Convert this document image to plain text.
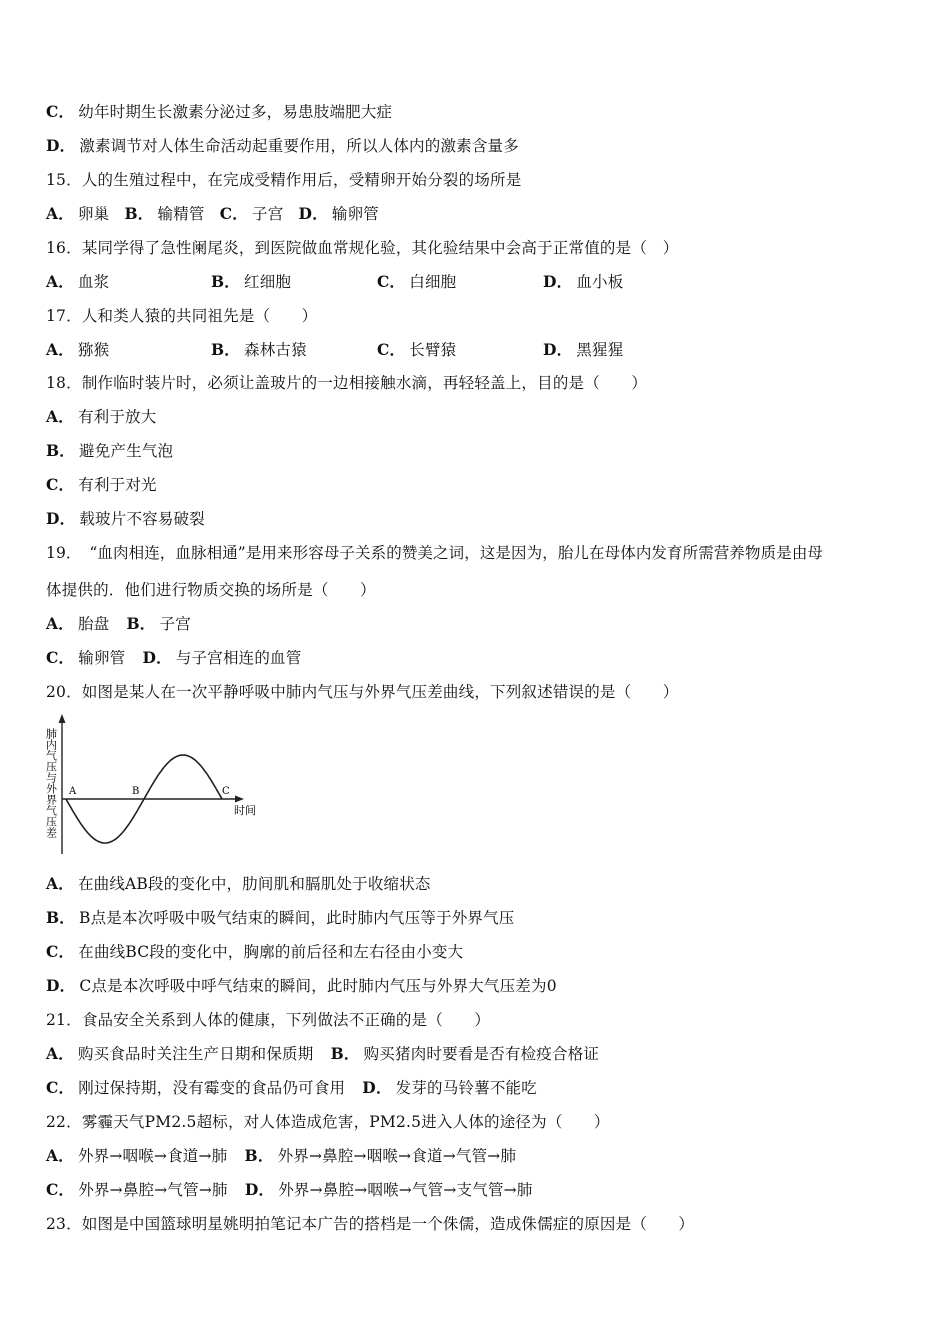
C． 幼年时期生长激素分泌过多，易患肢端肥大症
D． 激素调节对人体生命活动起重要作用，所以人体内的激素含量多
15．人的生殖过程中，在完成受精作用后，受精卵开始分裂的场所是
A． 卵巢 B． 输精管 C． 子宫 D． 输卵管
16．某同学得了急性阑尾炎，到医院做血常规化验，其化验结果中会高于正常值的是（　）
A． 血浆	B． 红细胞	C． 白细胞	D． 血小板
17．人和类人猿的共同祖先是（　　）
A． 猕猴	B． 森林古猿	C． 长臂猿	D． 黑猩猩
18．制作临时装片时，必须让盖玻片的一边相接触水滴，再轻轻盖上，目的是（　　）
A． 有利于放大
B． 避免产生气泡
C． 有利于对光
D． 载玻片不容易破裂
19．　“血肉相连，血脉相通”是用来形容母子关系的赞美之词，这是因为，胎儿在母体内发育所需营养物质是由母
体提供的．他们进行物质交换的场所是（　　）
A． 胎盘 B． 子宫
C． 输卵管 D． 与子宫相连的血管
20．如图是某人在一次平静呼吸中肺内气压与外界气压差曲线，下列叙述错误的是（　　）
A	B	C
时间
肺内气压与外界气压差
A． 在曲线AB段的变化中，肋间肌和膈肌处于收缩状态
B． B点是本次呼吸中吸气结束的瞬间，此时肺内气压等于外界气压
C． 在曲线BC段的变化中，胸廓的前后径和左右径由小变大
D． C点是本次呼吸中呼气结束的瞬间，此时肺内气压与外界大气压差为0
21．食品安全关系到人体的健康，下列做法不正确的是（　　）
A． 购买食品时关注生产日期和保质期 B． 购买猪肉时要看是否有检疫合格证
C． 刚过保持期，没有霉变的食品仍可食用 D． 发芽的马铃薯不能吃
22．雾霾天气PM2.5超标，对人体造成危害，PM2.5进入人体的途径为（　　）
A． 外界→咽喉→食道→肺 B． 外界→鼻腔→咽喉→食道→气管→肺
C． 外界→鼻腔→气管→肺 D． 外界→鼻腔→咽喉→气管→支气管→肺
23．如图是中国篮球明星姚明拍笔记本广告的搭档是一个侏儒，造成侏儒症的原因是（　　）
